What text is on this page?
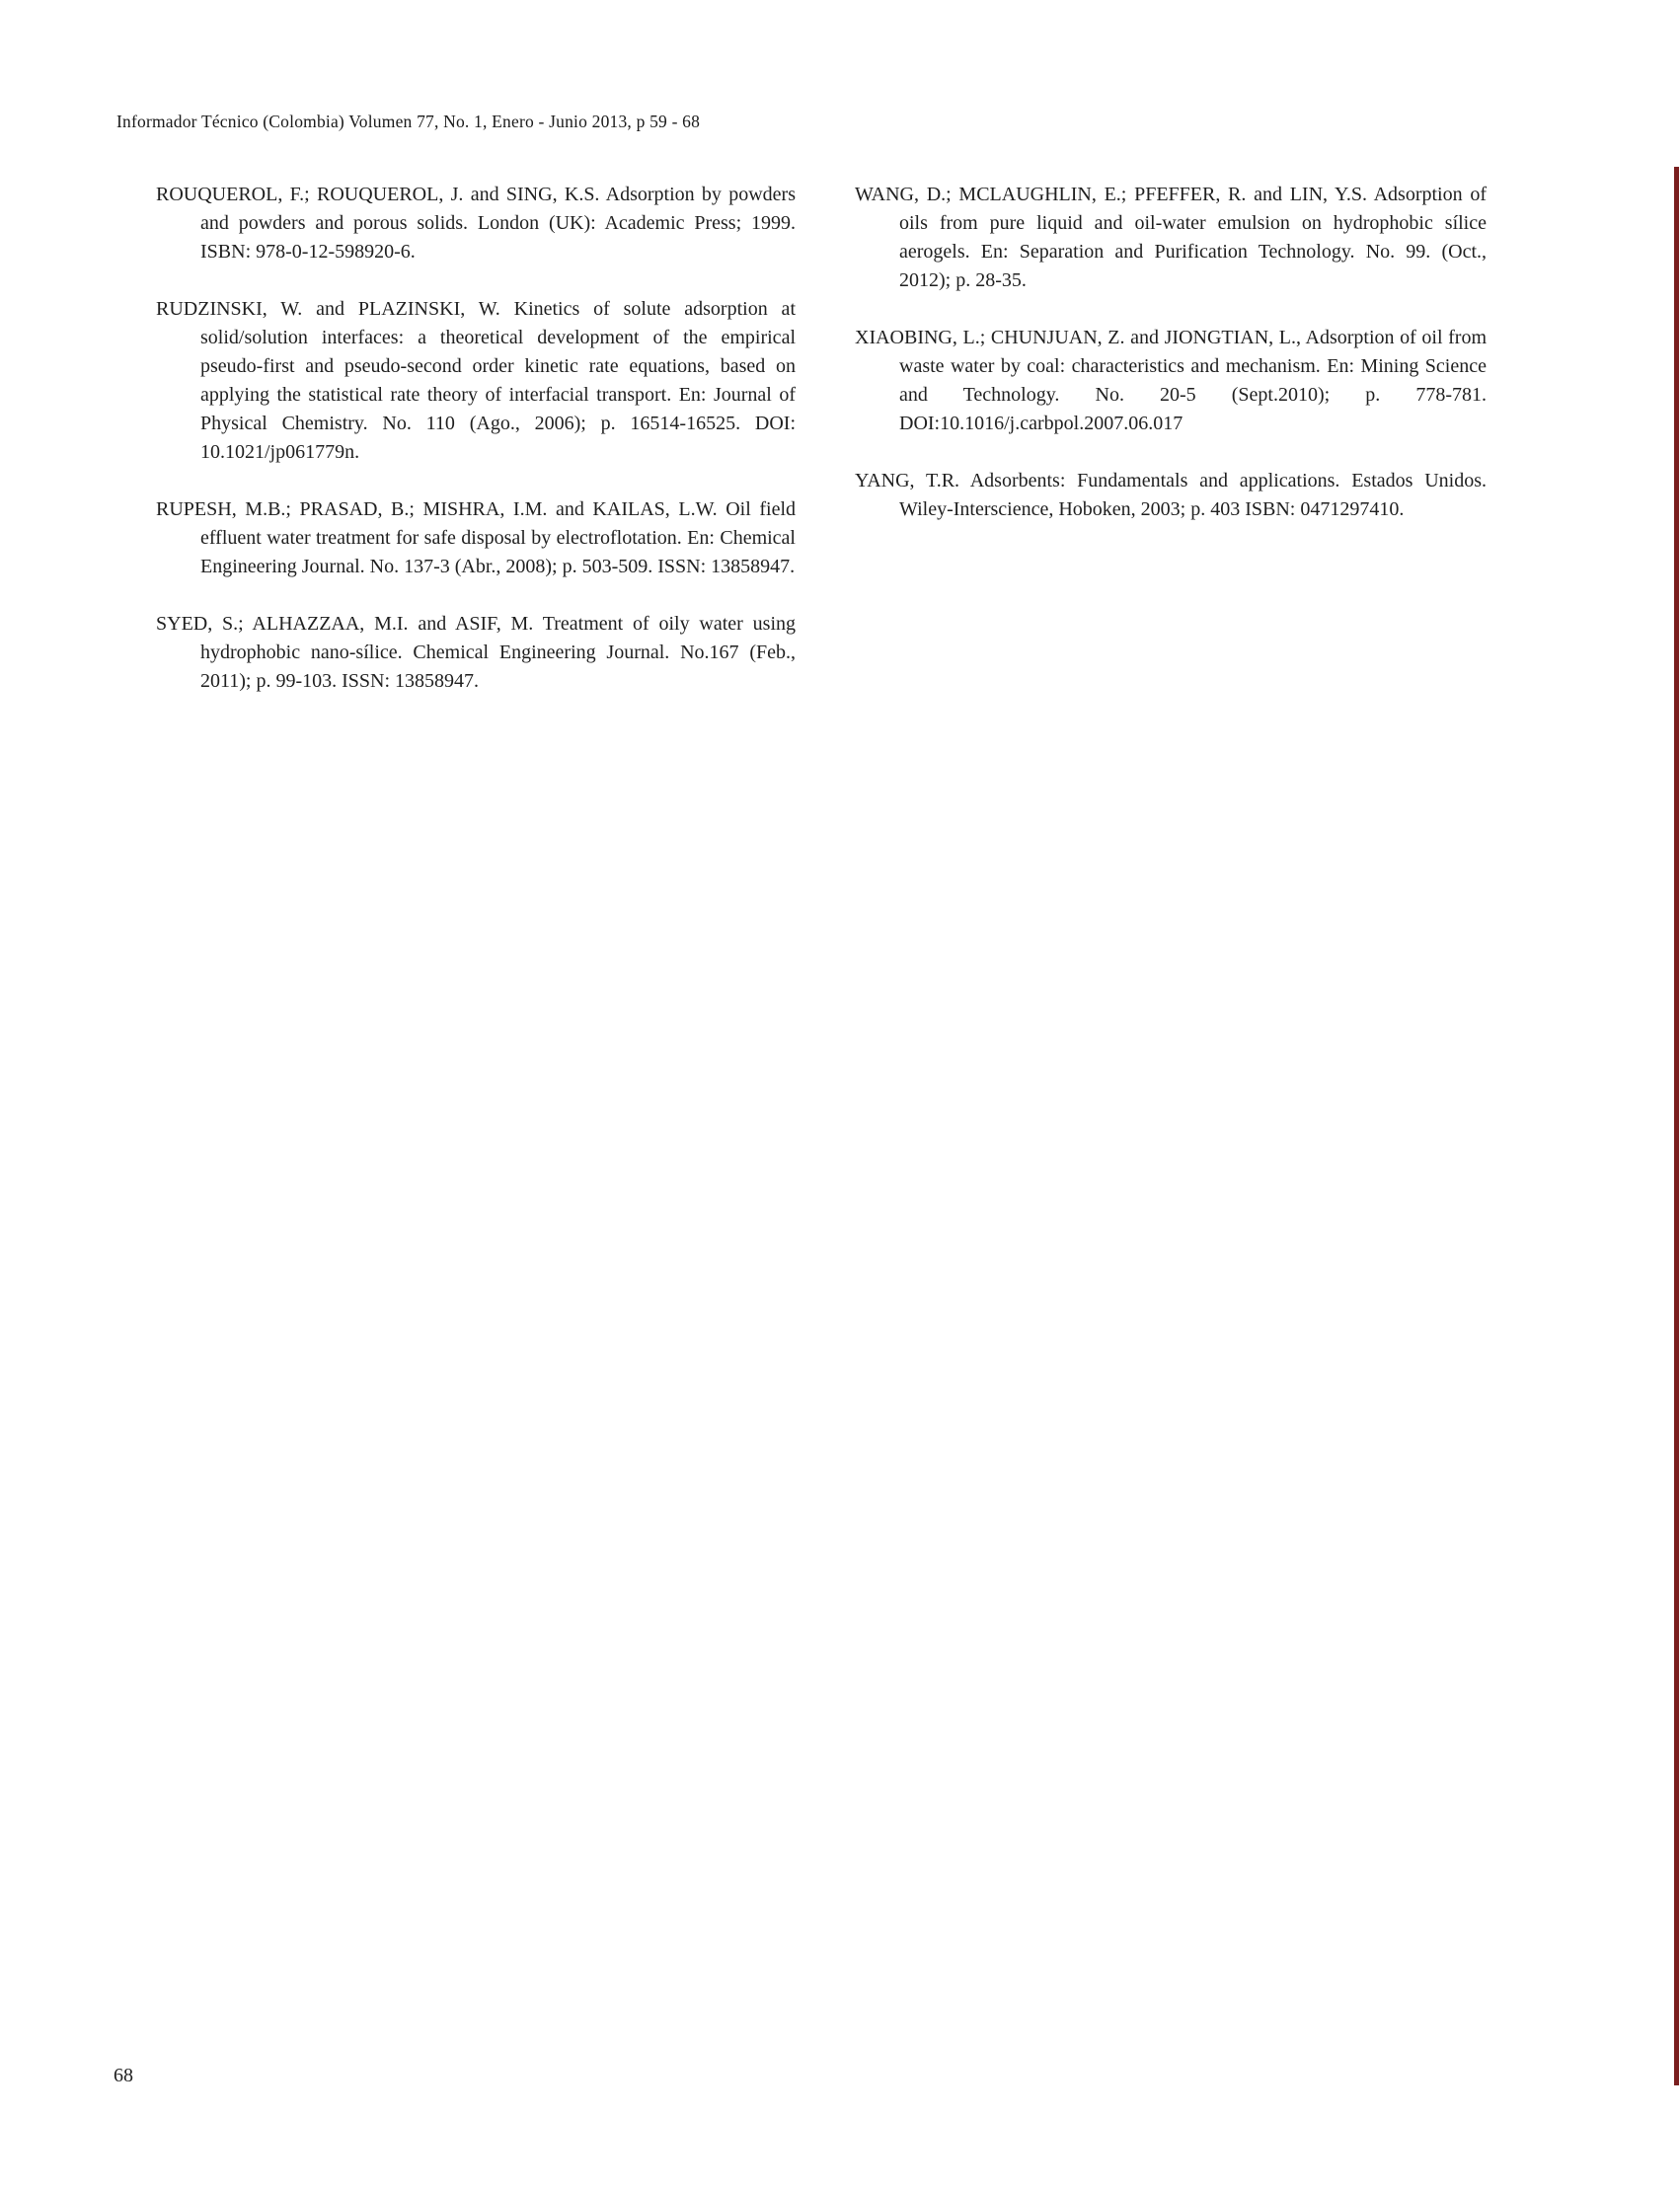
Informador Técnico (Colombia) Volumen 77, No. 1, Enero - Junio 2013, p 59 - 68

ROUQUEROL, F.; ROUQUEROL, J. and SING, K.S. Adsorption by powders and powders and porous solids. London (UK): Academic Press; 1999. ISBN: 978-0-12-598920-6.

RUDZINSKI, W. and PLAZINSKI, W. Kinetics of solute adsorption at solid/solution interfaces: a theoretical development of the empirical pseudo-first and pseudo-second order kinetic rate equations, based on applying the statistical rate theory of interfacial transport. En: Journal of Physical Chemistry. No. 110 (Ago., 2006); p. 16514-16525. DOI: 10.1021/jp061779n.

RUPESH, M.B.; PRASAD, B.; MISHRA, I.M. and KAILAS, L.W. Oil field effluent water treatment for safe disposal by electroflotation. En: Chemical Engineering Journal. No. 137-3 (Abr., 2008); p. 503-509. ISSN: 13858947.

SYED, S.; ALHAZZAA, M.I. and ASIF, M. Treatment of oily water using hydrophobic nano-sílice. Chemical Engineering Journal. No.167 (Feb., 2011); p. 99-103. ISSN: 13858947.

WANG, D.; MCLAUGHLIN, E.; PFEFFER, R. and LIN, Y.S. Adsorption of oils from pure liquid and oil-water emulsion on hydrophobic sílice aerogels. En: Separation and Purification Technology. No. 99. (Oct., 2012); p. 28-35.

XIAOBING, L.; CHUNJUAN, Z. and JIONGTIAN, L., Adsorption of oil from waste water by coal: characteristics and mechanism. En: Mining Science and Technology. No. 20-5 (Sept.2010); p. 778-781. DOI:10.1016/j.carbpol.2007.06.017

YANG, T.R. Adsorbents: Fundamentals and applications. Estados Unidos. Wiley-Interscience, Hoboken, 2003; p. 403 ISBN: 0471297410.

68
